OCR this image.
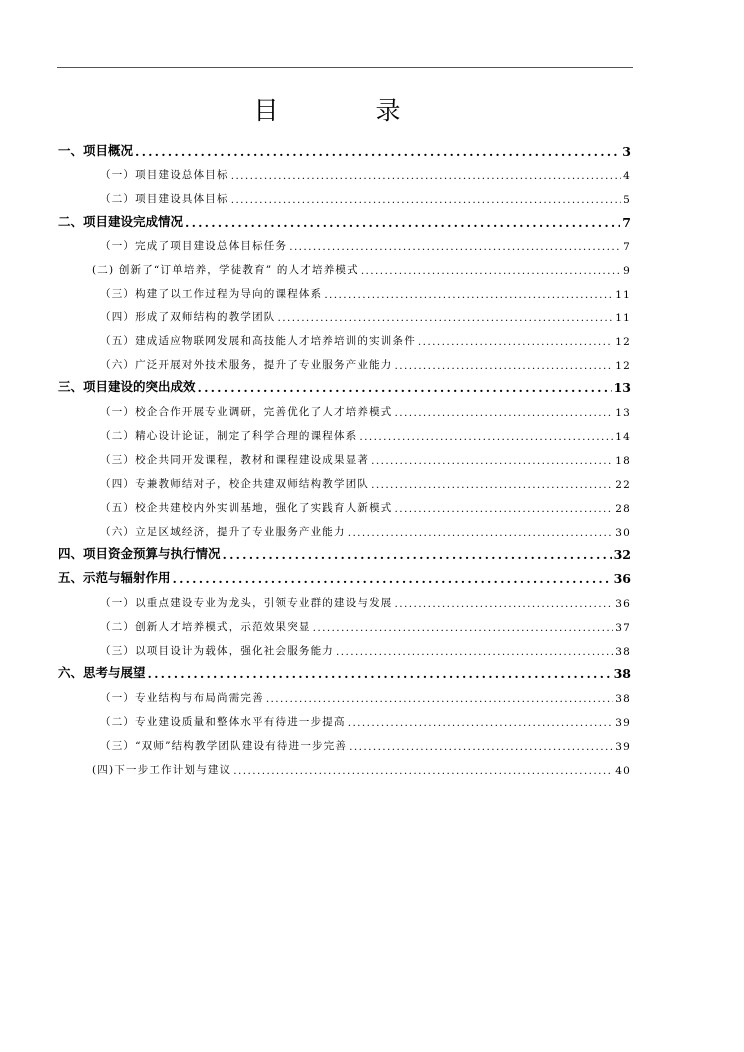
目　录
一、项目概况 .....	3
（一）项目建设总体目标 .....	4
（二）项目建设具体目标 .....	5
二、项目建设完成情况 .....	7
（一）完成了项目建设总体目标任务 .....	7
(二) 创新了“订单培养，学徒教育” 的人才培养模式 .....	9
（三）构建了以工作过程为导向的课程体系 .....	11
（四）形成了双师结构的教学团队 .....	11
（五）建成适应物联网发展和高技能人才培养培训的实训条件 .....	12
（六）广泛开展对外技术服务，提升了专业服务产业能力 .....	12
三、项目建设的突出成效 .....	13
（一）校企合作开展专业调研，完善优化了人才培养模式 .....	13
（二）精心设计论证，制定了科学合理的课程体系 .....	14
（三）校企共同开发课程，教材和课程建设成果显著 .....	18
（四）专兼教师结对子，校企共建双师结构教学团队 .....	22
（五）校企共建校内外实训基地，强化了实践育人新模式 .....	28
（六）立足区域经济，提升了专业服务产业能力 .....	30
四、项目资金预算与执行情况 .....	32
五、示范与辐射作用 .....	36
（一）以重点建设专业为龙头，引领专业群的建设与发展 .....	36
（二）创新人才培养模式，示范效果突显 .....	37
（三）以项目设计为载体，强化社会服务能力 .....	38
六、思考与展望 .....	38
（一）专业结构与布局尚需完善 .....	38
（二）专业建设质量和整体水平有待进一步提高 .....	39
（三）“双师”结构教学团队建设有待进一步完善 .....	39
(四)下一步工作计划与建议 .....	40
